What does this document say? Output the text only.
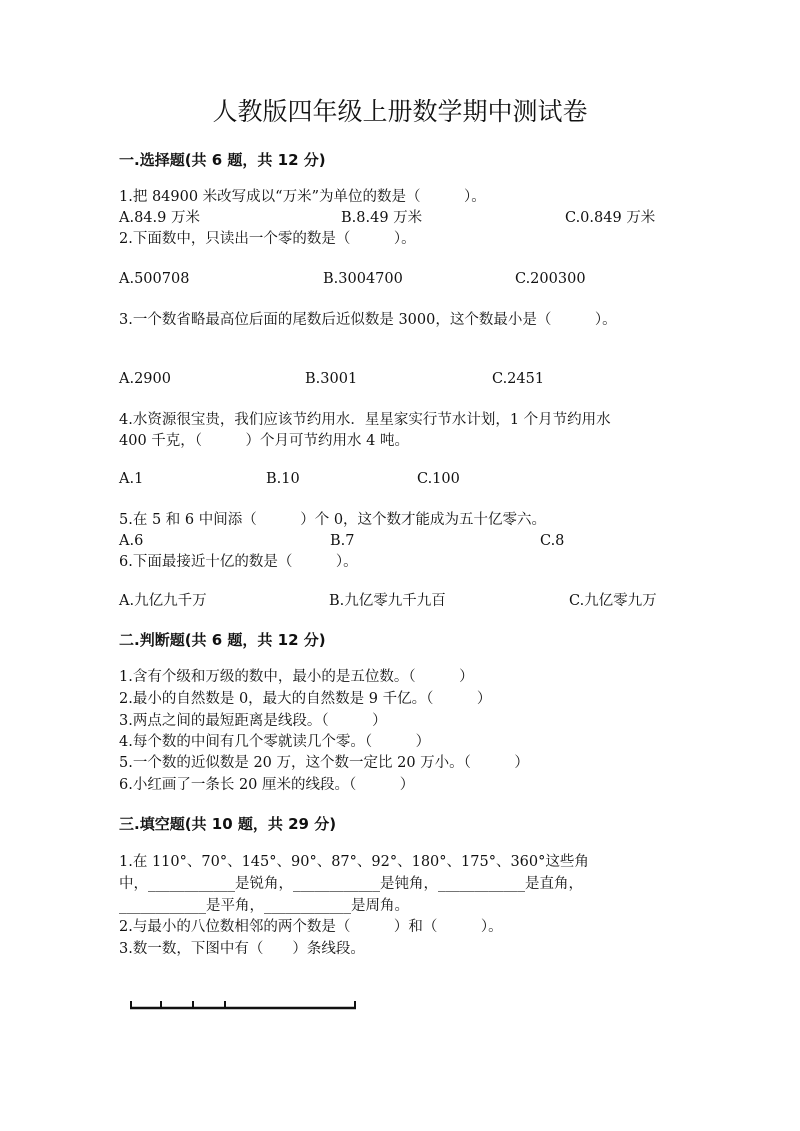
人教版四年级上册数学期中测试卷
一.选择题(共 6 题，共 12 分)
1.把 84900 米改写成以“万米”为单位的数是（　　　）。
A.84.9 万米	B.8.49 万米	C.0.849 万米
2.下面数中，只读出一个零的数是（　　　）。
A.500708	B.3004700	C.200300
3.一个数省略最高位后面的尾数后近似数是 3000，这个数最小是（　　　）。
A.2900	B.3001	C.2451
4.水资源很宝贵，我们应该节约用水．星星家实行节水计划，1 个月节约用水
400 千克，（　　　）个月可节约用水 4 吨。
A.1	B.10	C.100
5.在 5 和 6 中间添（　　　）个 0，这个数才能成为五十亿零六。
A.6	B.7	C.8
6.下面最接近十亿的数是（　　　）。
A.九亿九千万	B.九亿零九千九百	C.九亿零九万
二.判断题(共 6 题，共 12 分)
1.含有个级和万级的数中，最小的是五位数。（　　　）
2.最小的自然数是 0，最大的自然数是 9 千亿。（　　　）
3.两点之间的最短距离是线段。（　　　）
4.每个数的中间有几个零就读几个零。（　　　）
5.一个数的近似数是 20 万，这个数一定比 20 万小。（　　　）
6.小红画了一条长 20 厘米的线段。（　　　）
三.填空题(共 10 题，共 29 分)
1.在 110°、70°、145°、90°、87°、92°、180°、175°、360°这些角
中，____________是锐角，____________是钝角，____________是直角，
____________是平角，____________是周角。
2.与最小的八位数相邻的两个数是（　　　）和（　　　）。
3.数一数，下图中有（　　）条线段。
